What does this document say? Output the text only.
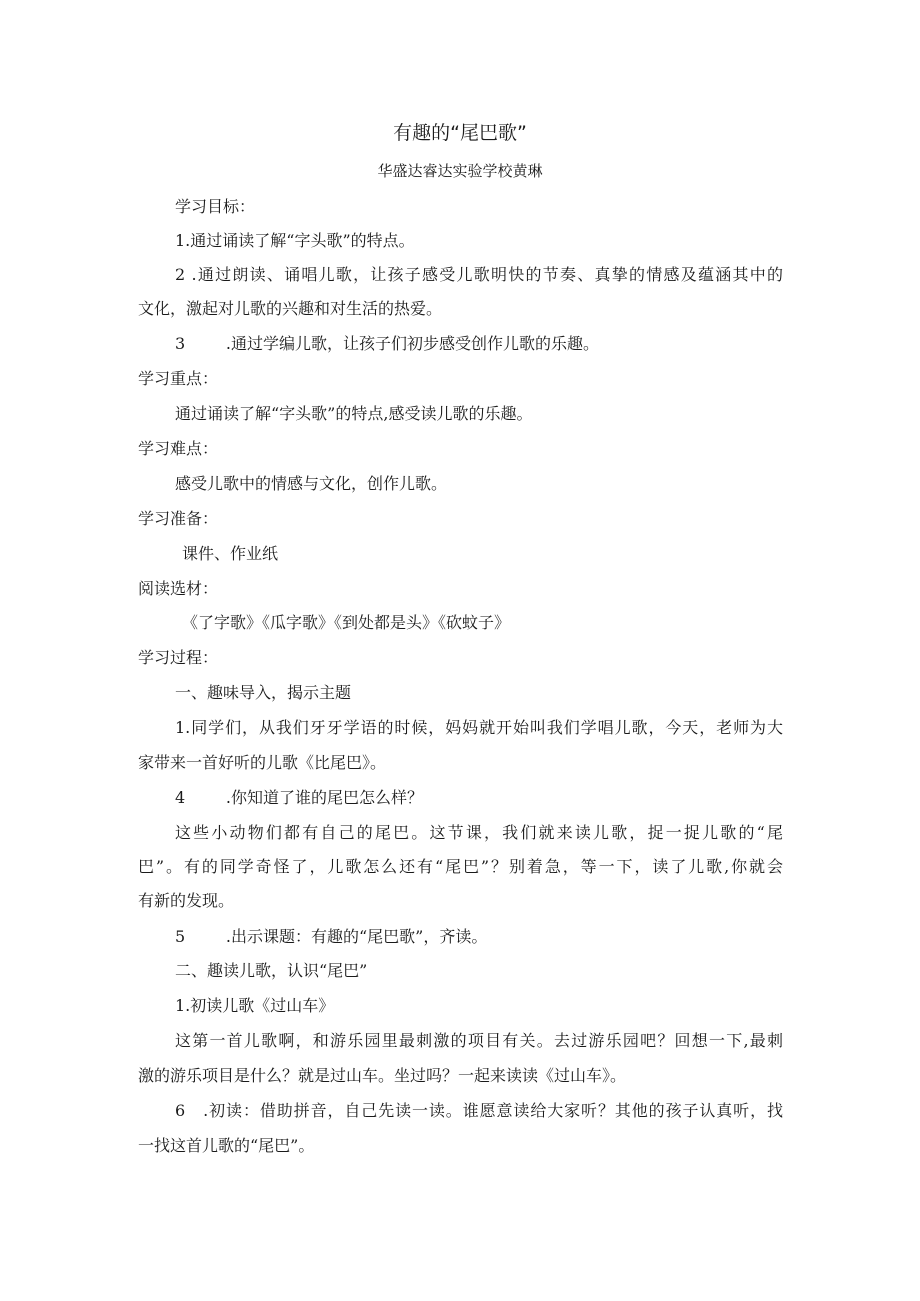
有趣的“尾巴歌”
华盛达睿达实验学校黄琳
学习目标：
1.通过诵读了解“字头歌”的特点。
2 .通过朗读、诵唱儿歌，让孩子感受儿歌明快的节奏、真挚的情感及蕴涵其中的
文化，激起对儿歌的兴趣和对生活的热爱。
3        .通过学编儿歌，让孩子们初步感受创作儿歌的乐趣。
学习重点：
通过诵读了解“字头歌”的特点,感受读儿歌的乐趣。
学习难点：
感受儿歌中的情感与文化，创作儿歌。
学习准备：
课件、作业纸
阅读选材：
《了字歌》《瓜字歌》《到处都是头》《砍蚊子》
学习过程：
一、趣味导入，揭示主题
1.同学们，从我们牙牙学语的时候，妈妈就开始叫我们学唱儿歌，今天，老师为大
家带来一首好听的儿歌《比尾巴》。
4        .你知道了谁的尾巴怎么样？
这些小动物们都有自己的尾巴。这节课，我们就来读儿歌，捉一捉儿歌的“尾
巴”。有的同学奇怪了，儿歌怎么还有“尾巴”？别着急，等一下，读了儿歌,你就会
有新的发现。
5        .出示课题：有趣的“尾巴歌”，齐读。
二、趣读儿歌，认识“尾巴”
1.初读儿歌《过山车》
这第一首儿歌啊，和游乐园里最刺激的项目有关。去过游乐园吧？回想一下,最刺
激的游乐项目是什么？就是过山车。坐过吗？一起来读读《过山车》。
6   .初读：借助拼音，自己先读一读。谁愿意读给大家听？其他的孩子认真听，找
一找这首儿歌的“尾巴”。
